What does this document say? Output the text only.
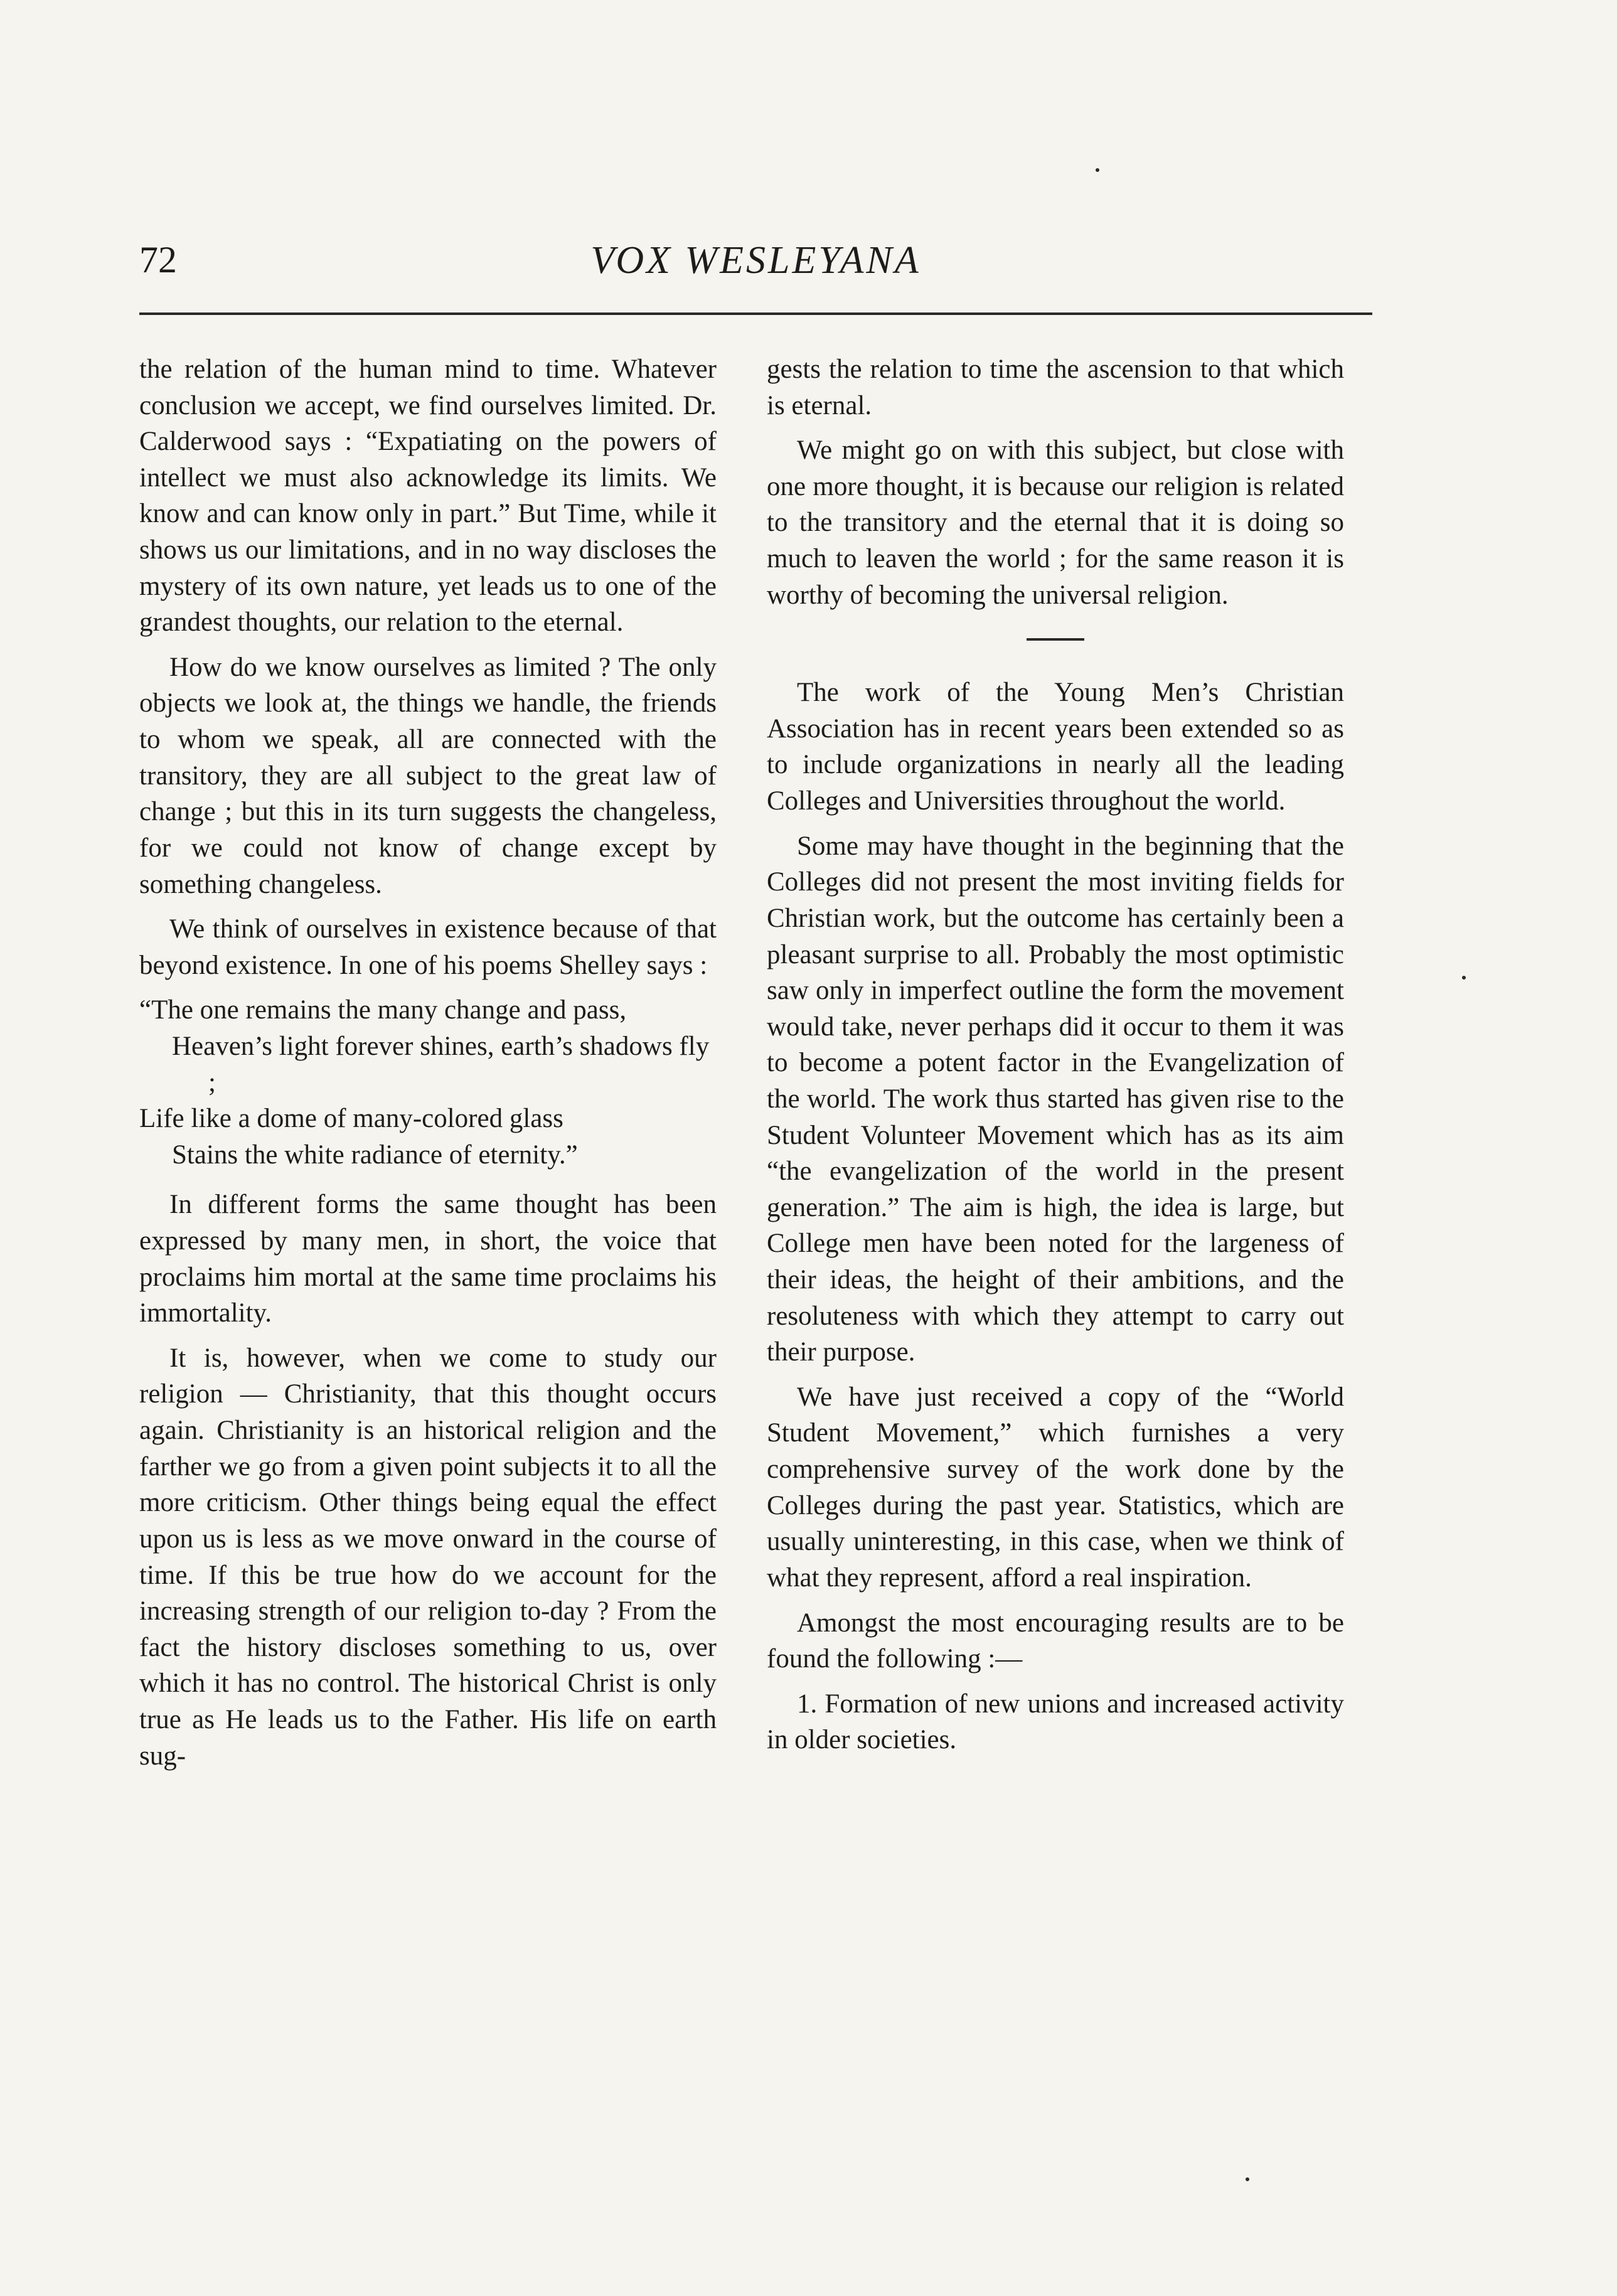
72	VOX WESLEYANA

the relation of the human mind to time. Whatever conclusion we accept, we find ourselves limited. Dr. Calderwood says : “Expatiating on the powers of intellect we must also acknowledge its limits. We know and can know only in part.” But Time, while it shows us our limitations, and in no way discloses the mystery of its own nature, yet leads us to one of the grandest thoughts, our relation to the eternal.

How do we know ourselves as limited ? The only objects we look at, the things we handle, the friends to whom we speak, all are connected with the transitory, they are all subject to the great law of change ; but this in its turn suggests the changeless, for we could not know of change except by something changeless.

We think of ourselves in existence because of that beyond existence. In one of his poems Shelley says :

“The one remains the many change and pass,
Heaven’s light forever shines, earth’s shadows fly ;
Life like a dome of many-colored glass
Stains the white radiance of eternity.”

In different forms the same thought has been expressed by many men, in short, the voice that proclaims him mortal at the same time proclaims his immortality.

It is, however, when we come to study our religion — Christianity, that this thought occurs again. Christianity is an historical religion and the farther we go from a given point subjects it to all the more criticism. Other things being equal the effect upon us is less as we move onward in the course of time. If this be true how do we account for the increasing strength of our religion to-day ? From the fact the history discloses something to us, over which it has no control. The historical Christ is only true as He leads us to the Father. His life on earth sug-

gests the relation to time the ascension to that which is eternal.

We might go on with this subject, but close with one more thought, it is because our religion is related to the transitory and the eternal that it is doing so much to leaven the world ; for the same reason it is worthy of becoming the universal religion.

The work of the Young Men’s Christian Association has in recent years been extended so as to include organizations in nearly all the leading Colleges and Universities throughout the world.

Some may have thought in the beginning that the Colleges did not present the most inviting fields for Christian work, but the outcome has certainly been a pleasant surprise to all. Probably the most optimistic saw only in imperfect outline the form the movement would take, never perhaps did it occur to them it was to become a potent factor in the Evangelization of the world. The work thus started has given rise to the Student Volunteer Movement which has as its aim “the evangelization of the world in the present generation.” The aim is high, the idea is large, but College men have been noted for the largeness of their ideas, the height of their ambitions, and the resoluteness with which they attempt to carry out their purpose.

We have just received a copy of the “World Student Movement,” which furnishes a very comprehensive survey of the work done by the Colleges during the past year. Statistics, which are usually uninteresting, in this case, when we think of what they represent, afford a real inspiration.

Amongst the most encouraging results are to be found the following :—

1. Formation of new unions and increased activity in older societies.
